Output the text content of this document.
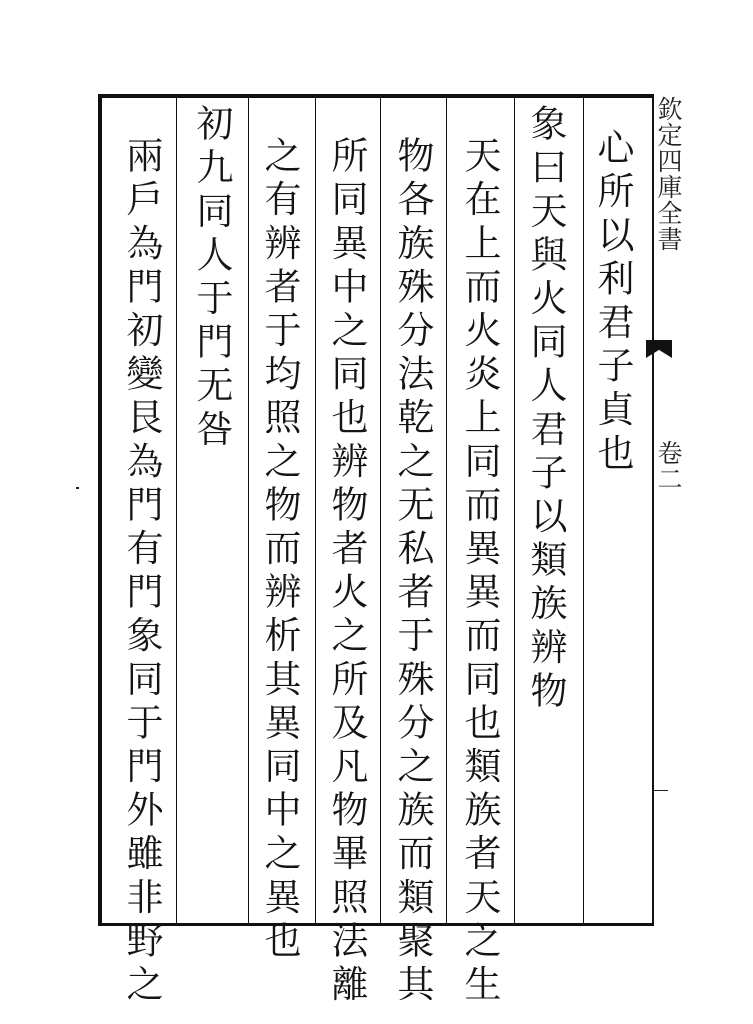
心所以利君子貞也
象曰天與火同人君子以類族辨物
天在上而火炎上同而異異而同也類族者天之生
物各族殊分法乾之无私者于殊分之族而類聚其
所同異中之同也辨物者火之所及凡物畢照法離
之有辨者于均照之物而辨析其異同中之異也
初九同人于門无咎
兩戶為門初變艮為門有門象同于門外雖非野之	欽定四庫全書
卷二
